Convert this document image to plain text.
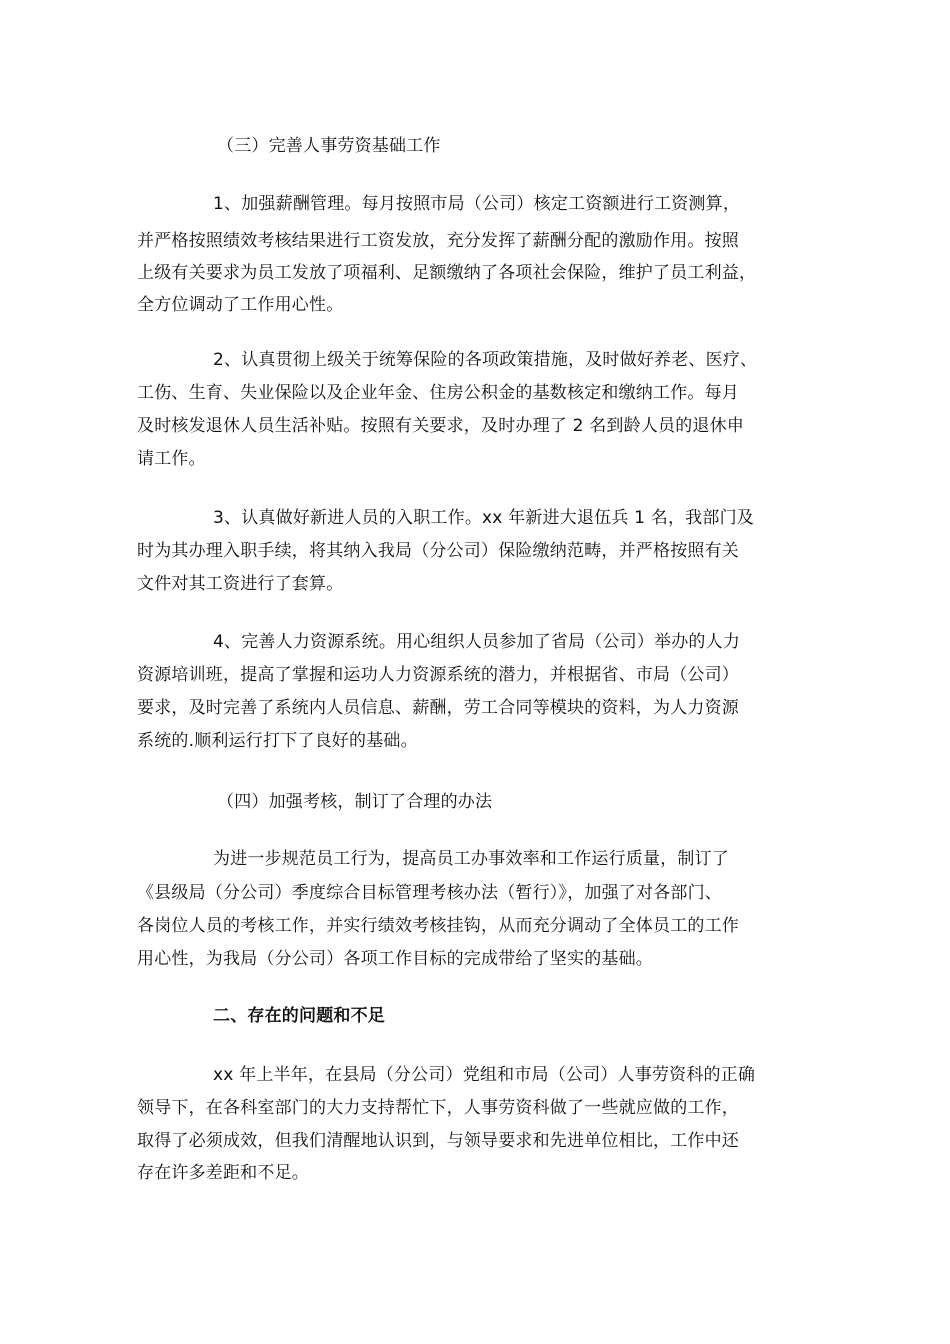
（三）完善人事劳资基础工作
1、加强薪酬管理。每月按照市局（公司）核定工资额进行工资测算，
并严格按照绩效考核结果进行工资发放，充分发挥了薪酬分配的激励作用。按照
上级有关要求为员工发放了项福利、足额缴纳了各项社会保险，维护了员工利益，
全方位调动了工作用心性。
2、认真贯彻上级关于统筹保险的各项政策措施，及时做好养老、医疗、
工伤、生育、失业保险以及企业年金、住房公积金的基数核定和缴纳工作。每月
及时核发退休人员生活补贴。按照有关要求，及时办理了 2 名到龄人员的退休申
请工作。
3、认真做好新进人员的入职工作。xx 年新进大退伍兵 1 名，我部门及
时为其办理入职手续，将其纳入我局（分公司）保险缴纳范畴，并严格按照有关
文件对其工资进行了套算。
4、完善人力资源系统。用心组织人员参加了省局（公司）举办的人力
资源培训班，提高了掌握和运功人力资源系统的潜力，并根据省、市局（公司）
要求，及时完善了系统内人员信息、薪酬，劳工合同等模块的资料，为人力资源
系统的.顺利运行打下了良好的基础。
（四）加强考核，制订了合理的办法
为进一步规范员工行为，提高员工办事效率和工作运行质量，制订了
《县级局（分公司）季度综合目标管理考核办法（暂行）》，加强了对各部门、
各岗位人员的考核工作，并实行绩效考核挂钩，从而充分调动了全体员工的工作
用心性，为我局（分公司）各项工作目标的完成带给了坚实的基础。
二、存在的问题和不足
xx 年上半年，在县局（分公司）党组和市局（公司）人事劳资科的正确
领导下，在各科室部门的大力支持帮忙下，人事劳资科做了一些就应做的工作，
取得了必须成效，但我们清醒地认识到，与领导要求和先进单位相比，工作中还
存在许多差距和不足。
